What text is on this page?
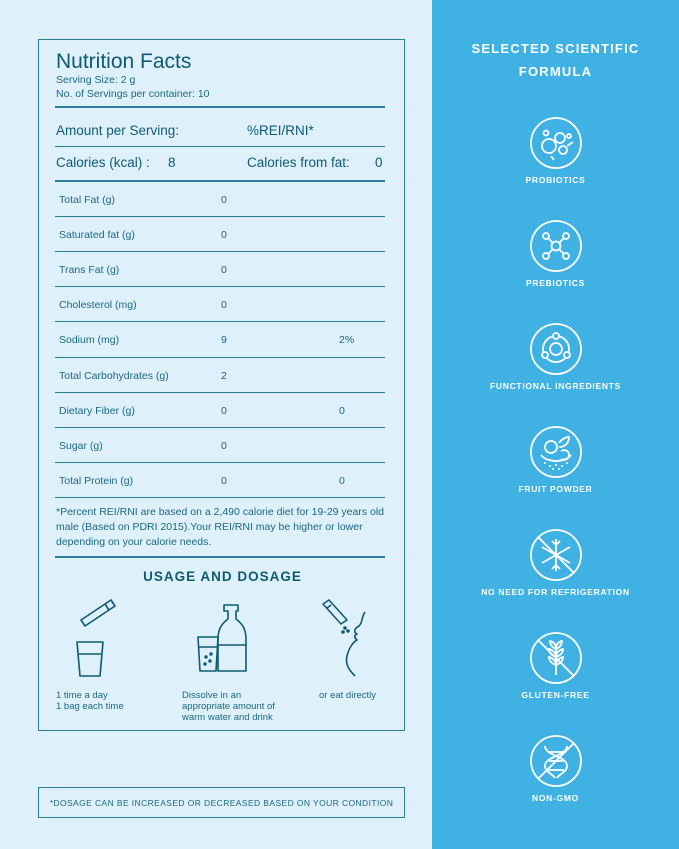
Nutrition Facts
Serving Size: 2 g
No. of Servings per container: 10
Amount per Serving:	%REI/RNI*
Calories (kcal) : 8	Calories from fat: 0
Total Fat (g)	0
Saturated fat (g)	0
Trans Fat (g)	0
Cholesterol (mg)	0
Sodium (mg)	9	2%
Total Carbohydrates (g)	2
Dietary Fiber (g)	0	0
Sugar (g)	0
Total Protein (g)	0	0
*Percent REI/RNI are based on a 2,490 calorie diet for 19-29 years old male (Based on PDRI 2015).Your REI/RNI may be higher or lower depending on your calorie needs.
USAGE AND DOSAGE
1 time a day
1 bag each time
Dissolve in an
appropriate amount of
warm water and drink
or eat directly
*DOSAGE CAN BE INCREASED OR DECREASED BASED ON YOUR CONDITION
SELECTED SCIENTIFIC
FORMULA
PROBIOTICS
PREBIOTICS
FUNCTIONAL INGREDIENTS
FRUIT POWDER
NO NEED FOR REFRIGERATION
GLUTEN-FREE
NON-GMO
